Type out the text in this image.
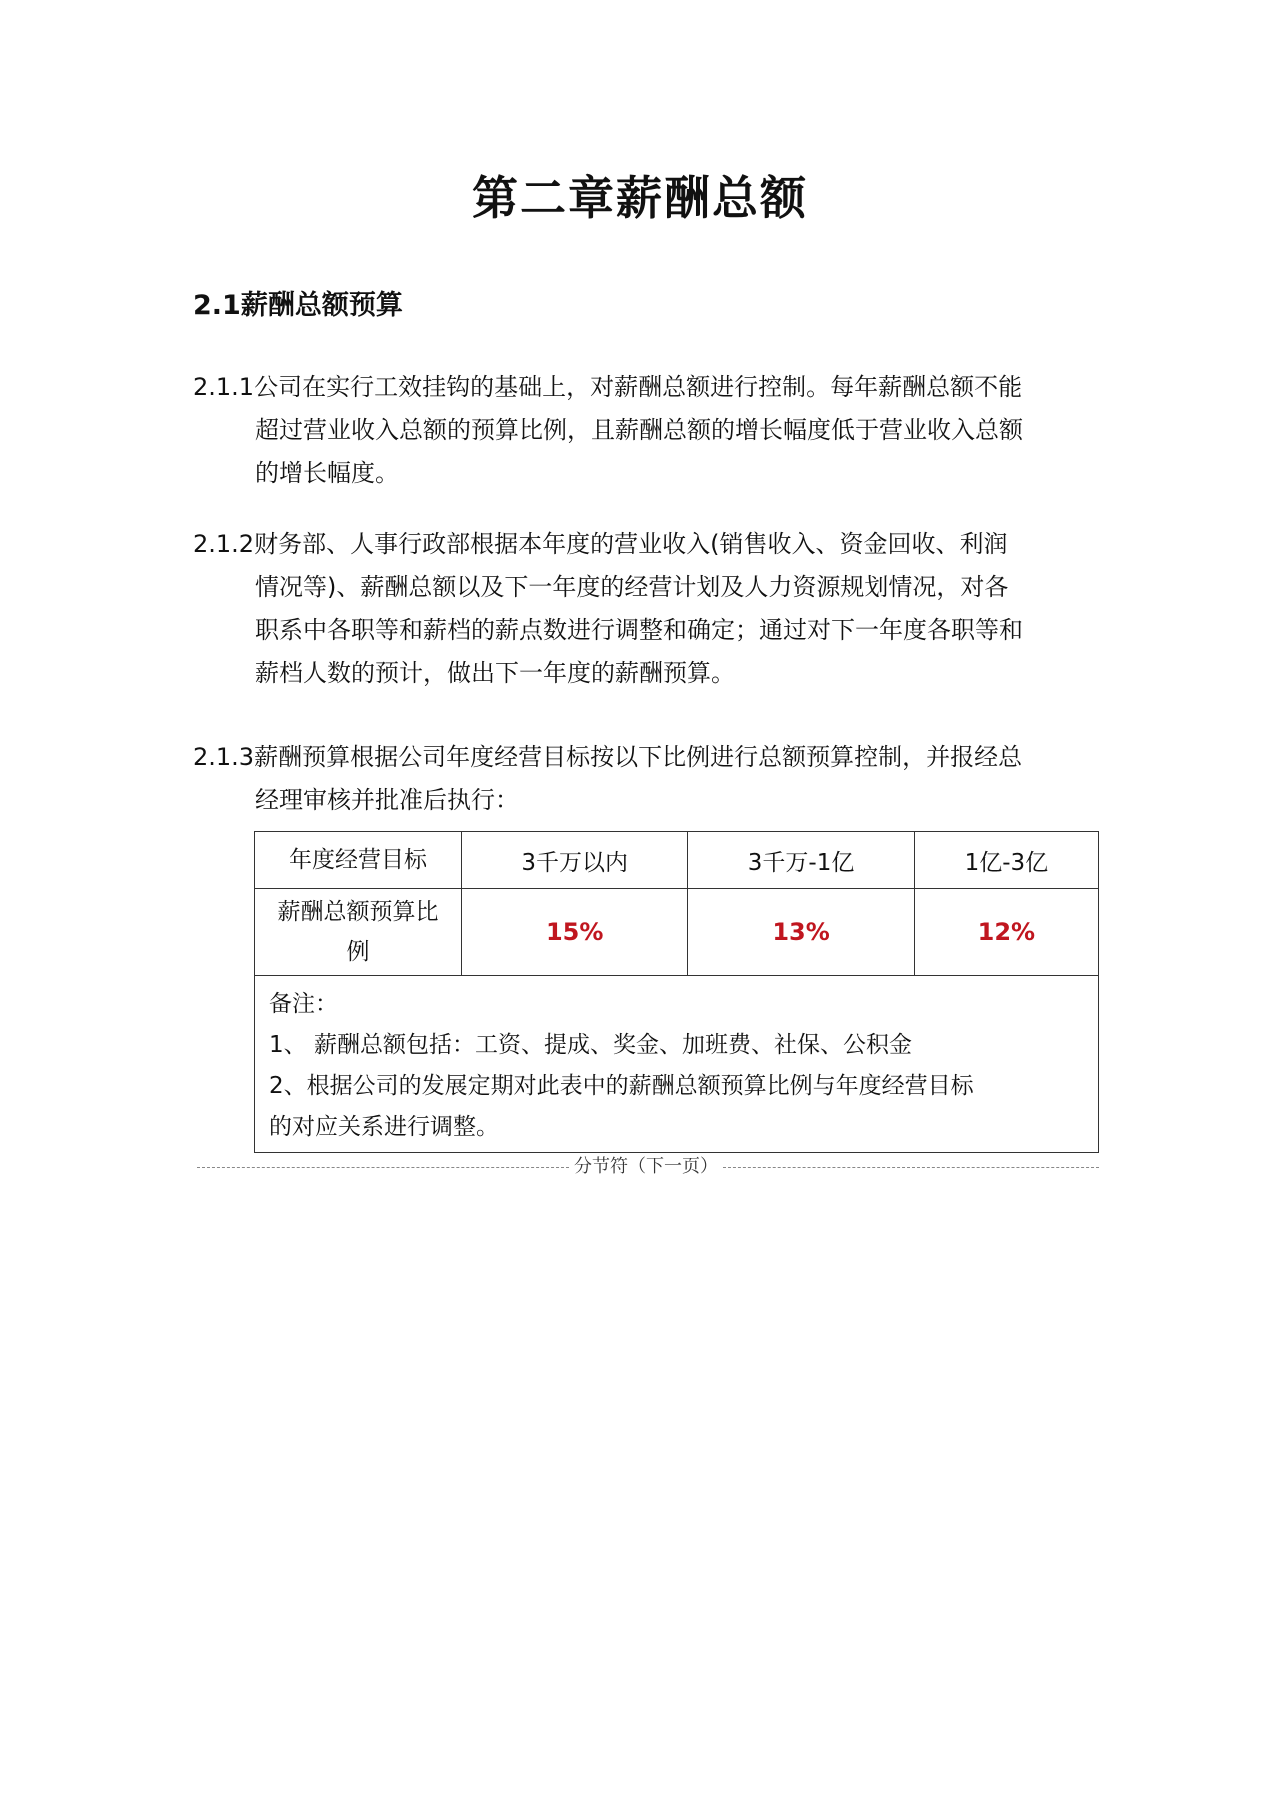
第二章薪酬总额
2.1薪酬总额预算
2.1.1公司在实行工效挂钩的基础上，对薪酬总额进行控制。每年薪酬总额不能
超过营业收入总额的预算比例，且薪酬总额的增长幅度低于营业收入总额
的增长幅度。
2.1.2财务部、人事行政部根据本年度的营业收入(销售收入、资金回收、利润
情况等)、薪酬总额以及下一年度的经营计划及人力资源规划情况，对各
职系中各职等和薪档的薪点数进行调整和确定；通过对下一年度各职等和
薪档人数的预计，做出下一年度的薪酬预算。
2.1.3薪酬预算根据公司年度经营目标按以下比例进行总额预算控制，并报经总
经理审核并批准后执行：
年度经营目标	3千万以内	3千万-1亿	1亿-3亿

薪酬总额预算比
例	15%	13%	12%

备注：
1、 薪酬总额包括：工资、提成、奖金、加班费、社保、公积金
2、根据公司的发展定期对此表中的薪酬总额预算比例与年度经营目标
的对应关系进行调整。			
分节符（下一页）
